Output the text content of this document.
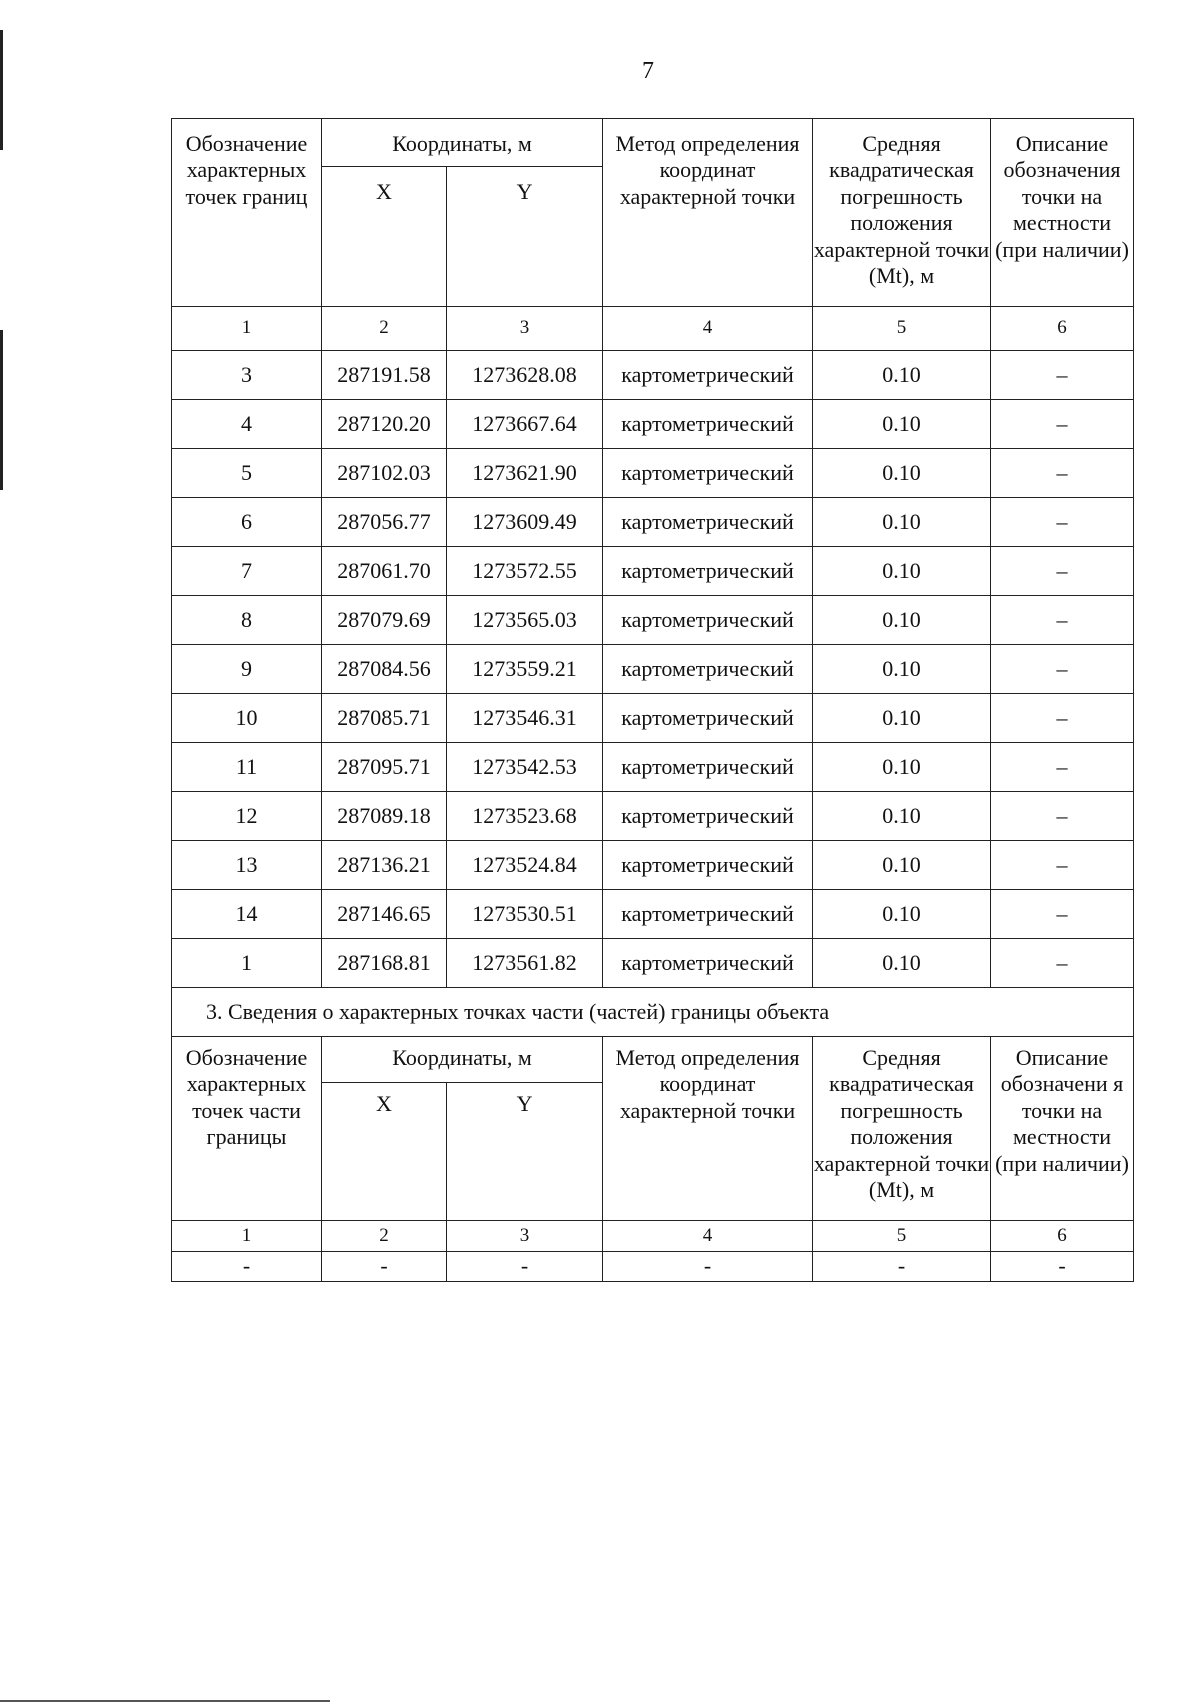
7
Обозначение характерных точек границ	Координаты, м		Метод определения координат характерной точки	Средняя квадратическая погрешность положения характерной точки (Mt), м	Описание обозначения точки на местности (при наличии)
	X	Y			
1	2	3	4	5	6
3	287191.58	1273628.08	картометрический	0.10	–
4	287120.20	1273667.64	картометрический	0.10	–
5	287102.03	1273621.90	картометрический	0.10	–
6	287056.77	1273609.49	картометрический	0.10	–
7	287061.70	1273572.55	картометрический	0.10	–
8	287079.69	1273565.03	картометрический	0.10	–
9	287084.56	1273559.21	картометрический	0.10	–
10	287085.71	1273546.31	картометрический	0.10	–
11	287095.71	1273542.53	картометрический	0.10	–
12	287089.18	1273523.68	картометрический	0.10	–
13	287136.21	1273524.84	картометрический	0.10	–
14	287146.65	1273530.51	картометрический	0.10	–
1	287168.81	1273561.82	картометрический	0.10	–
3. Сведения о характерных точках части (частей) границы объекта					
Обозначение характерных точек части границы	Координаты, м		Метод определения координат характерной точки	Средняя квадратическая погрешность положения характерной точки (Mt), м	Описание обозначени я точки на местности (при наличии)
	X	Y			
1	2	3	4	5	6
-	-	-	-	-	-
